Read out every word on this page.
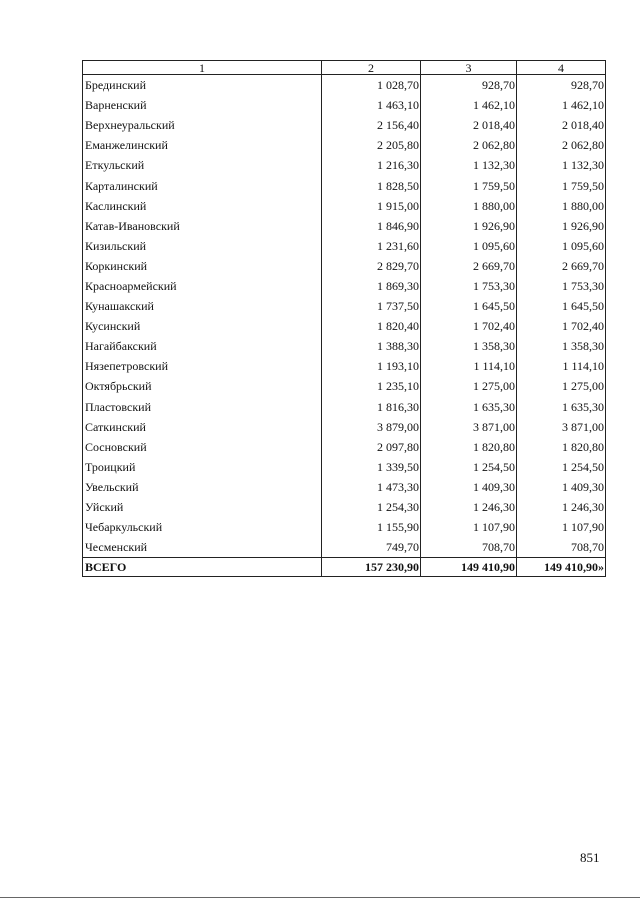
1	2	3	4
Брединский	1 028,70	928,70	928,70
Варненский	1 463,10	1 462,10	1 462,10
Верхнеуральский	2 156,40	2 018,40	2 018,40
Еманжелинский	2 205,80	2 062,80	2 062,80
Еткульский	1 216,30	1 132,30	1 132,30
Карталинский	1 828,50	1 759,50	1 759,50
Каслинский	1 915,00	1 880,00	1 880,00
Катав-Ивановский	1 846,90	1 926,90	1 926,90
Кизильский	1 231,60	1 095,60	1 095,60
Коркинский	2 829,70	2 669,70	2 669,70
Красноармейский	1 869,30	1 753,30	1 753,30
Кунашакский	1 737,50	1 645,50	1 645,50
Кусинский	1 820,40	1 702,40	1 702,40
Нагайбакский	1 388,30	1 358,30	1 358,30
Нязепетровский	1 193,10	1 114,10	1 114,10
Октябрьский	1 235,10	1 275,00	1 275,00
Пластовский	1 816,30	1 635,30	1 635,30
Саткинский	3 879,00	3 871,00	3 871,00
Сосновский	2 097,80	1 820,80	1 820,80
Троицкий	1 339,50	1 254,50	1 254,50
Увельский	1 473,30	1 409,30	1 409,30
Уйский	1 254,30	1 246,30	1 246,30
Чебаркульский	1 155,90	1 107,90	1 107,90
Чесменский	749,70	708,70	708,70
ВСЕГО	157 230,90	149 410,90	149 410,90»
851
